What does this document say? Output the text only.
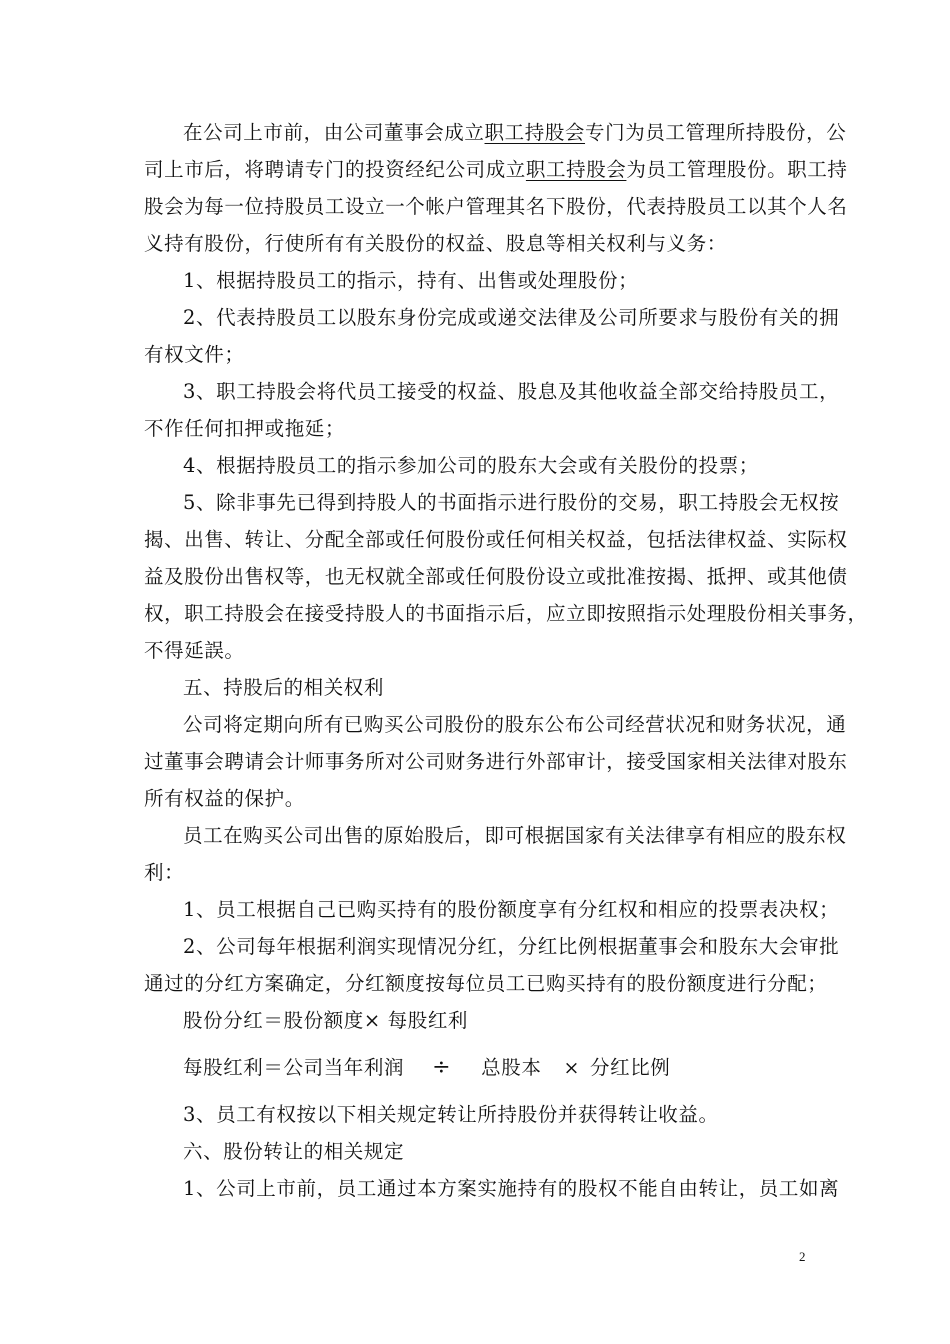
在公司上市前，由公司董事会成立职工持股会专门为员工管理所持股份，公
司上市后，将聘请专门的投资经纪公司成立职工持股会为员工管理股份。职工持
股会为每一位持股员工设立一个帐户管理其名下股份，代表持股员工以其个人名
义持有股份，行使所有有关股份的权益、股息等相关权利与义务：
1、根据持股员工的指示，持有、出售或处理股份；
2、代表持股员工以股东身份完成或递交法律及公司所要求与股份有关的拥
有权文件；
3、职工持股会将代员工接受的权益、股息及其他收益全部交给持股员工，
不作任何扣押或拖延；
4、根据持股员工的指示参加公司的股东大会或有关股份的投票；
5、除非事先已得到持股人的书面指示进行股份的交易，职工持股会无权按
揭、出售、转让、分配全部或任何股份或任何相关权益，包括法律权益、实际权
益及股份出售权等，也无权就全部或任何股份设立或批准按揭、抵押、或其他债
权，职工持股会在接受持股人的书面指示后，应立即按照指示处理股份相关事务，
不得延誤。
五、持股后的相关权利
公司将定期向所有已购买公司股份的股东公布公司经营状况和财务状况，通
过董事会聘请会计师事务所对公司财务进行外部审计，接受国家相关法律对股东
所有权益的保护。
员工在购买公司出售的原始股后，即可根据国家有关法律享有相应的股东权
利：
1、员工根据自己已购买持有的股份额度享有分红权和相应的投票表决权；
2、公司每年根据利润实现情况分红，分红比例根据董事会和股东大会审批
通过的分红方案确定，分红额度按每位员工已购买持有的股份额度进行分配；
股份分红＝股份额度× 每股红利
每股红利＝公司当年利润 ÷ 总股本 × 分红比例
3、员工有权按以下相关规定转让所持股份并获得转让收益。
六、股份转让的相关规定
1、公司上市前，员工通过本方案实施持有的股权不能自由转让，员工如离
2
